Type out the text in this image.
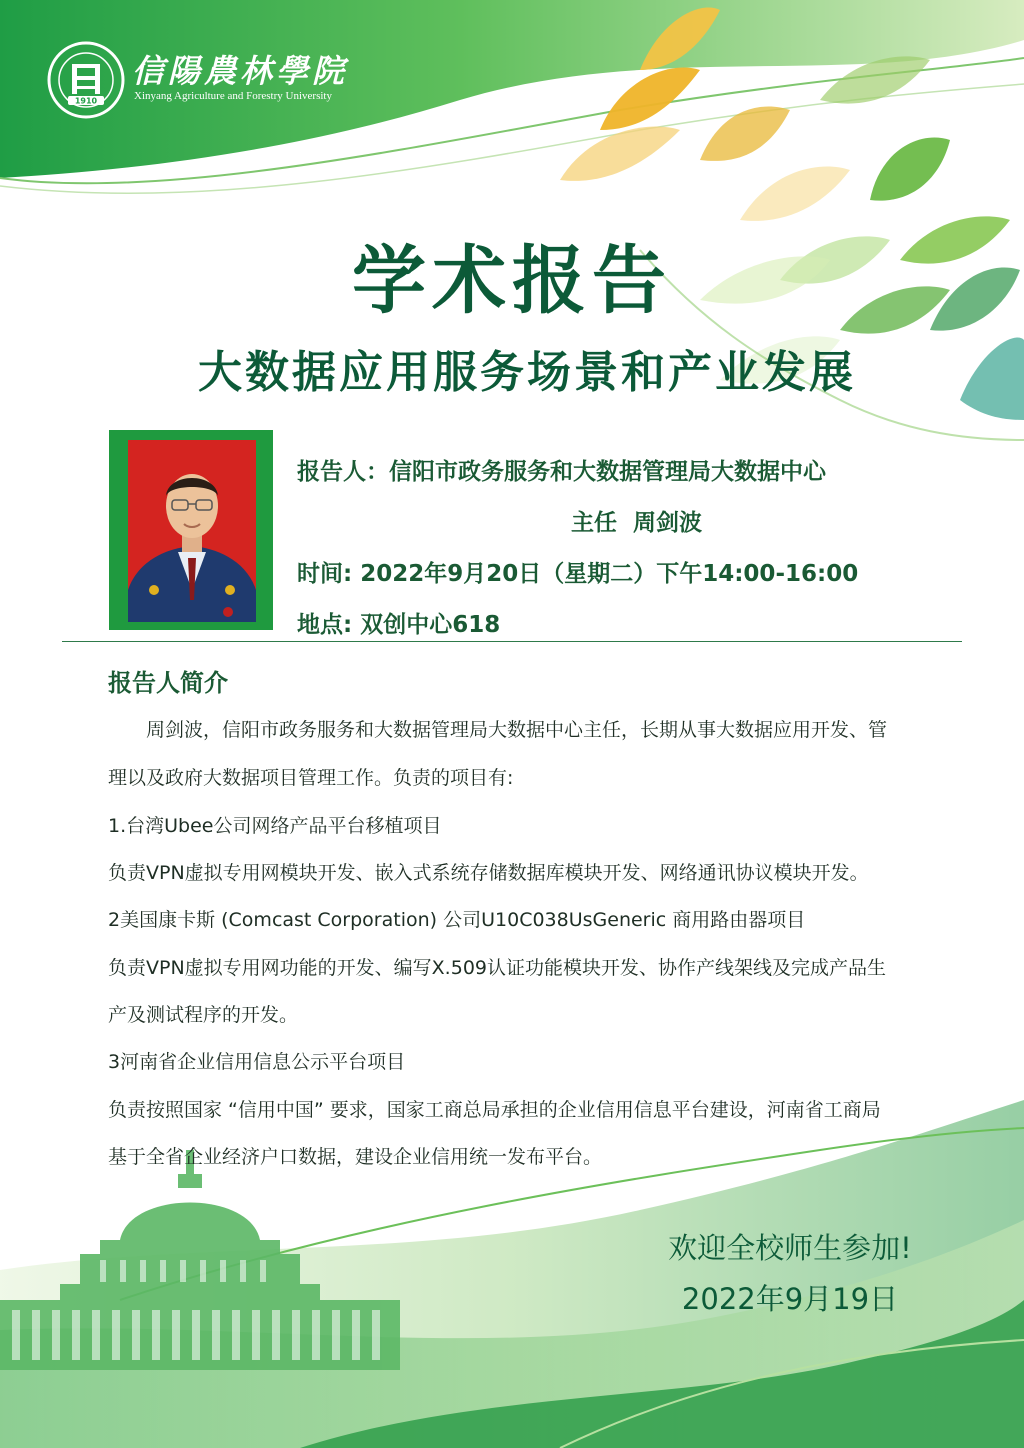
1910
信陽農林學院
Xinyang Agriculture and Forestry University
学术报告
大数据应用服务场景和产业发展
报告人：信阳市政务服务和大数据管理局大数据中心
主任  周剑波
时间: 2022年9月20日（星期二）下午14:00-16:00
地点: 双创中心618
报告人简介
　　周剑波，信阳市政务服务和大数据管理局大数据中心主任，长期从事大数据应用开发、管
理以及政府大数据项目管理工作。负责的项目有:
1.台湾Ubee公司网络产品平台移植项目
负责VPN虚拟专用网模块开发、嵌入式系统存储数据库模块开发、网络通讯协议模块开发。
2美国康卡斯 (Comcast Corporation) 公司U10C038UsGeneric 商用路由器项目
负责VPN虚拟专用网功能的开发、编写X.509认证功能模块开发、协作产线架线及完成产品生
产及测试程序的开发。
3河南省企业信用信息公示平台项目
负责按照国家 “信用中国” 要求，国家工商总局承担的企业信用信息平台建设，河南省工商局
基于全省企业经济户口数据，建设企业信用统一发布平台。
欢迎全校师生参加!
2022年9月19日
